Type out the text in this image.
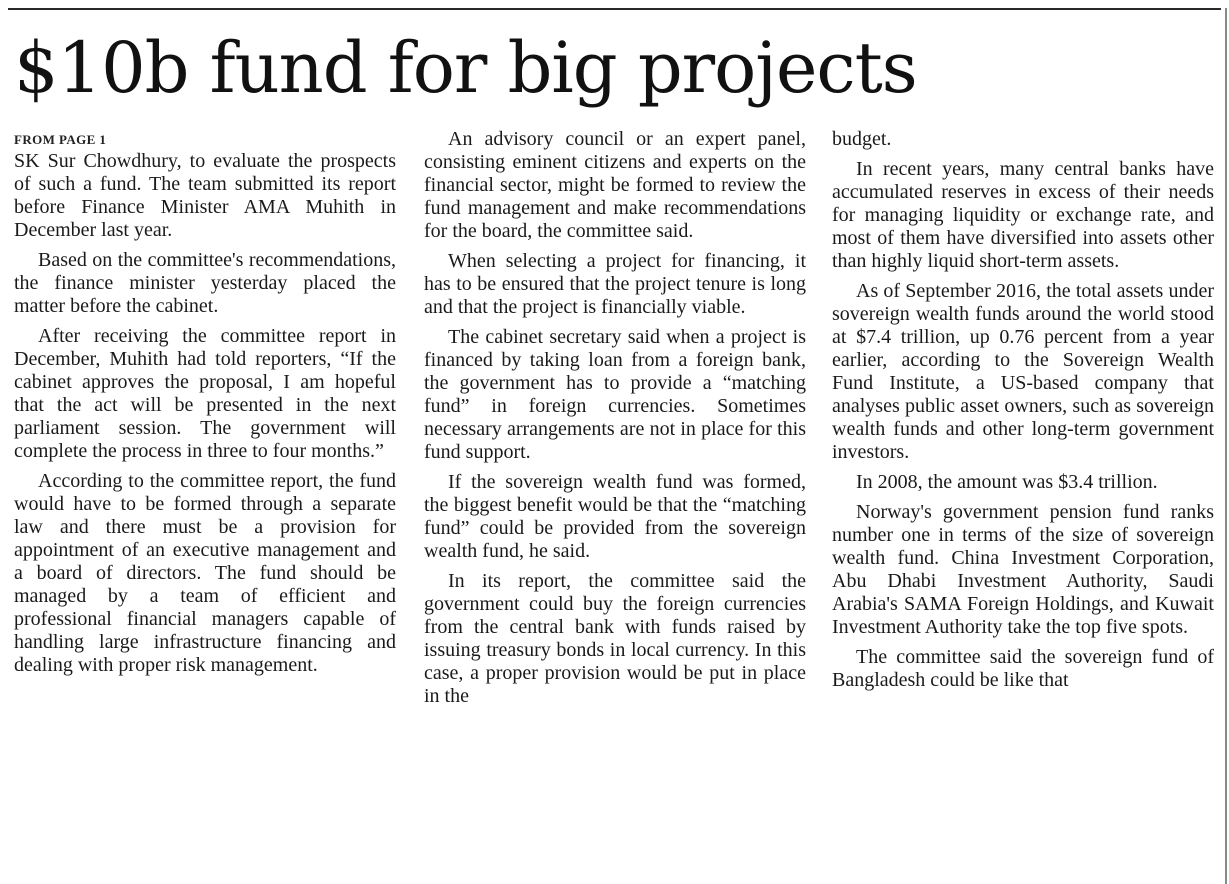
$10b fund for big projects
FROM PAGE 1

SK Sur Chowdhury, to evaluate the prospects of such a fund. The team submitted its report before Finance Minister AMA Muhith in December last year.

Based on the committee's recommendations, the finance minister yesterday placed the matter before the cabinet.

After receiving the committee report in December, Muhith had told reporters, “If the cabinet approves the proposal, I am hopeful that the act will be presented in the next parliament session. The government will complete the process in three to four months.”

According to the committee report, the fund would have to be formed through a separate law and there must be a provision for appointment of an executive management and a board of directors. The fund should be managed by a team of efficient and professional financial managers capable of handling large infrastructure financing and dealing with proper risk management.

An advisory council or an expert panel, consisting eminent citizens and experts on the financial sector, might be formed to review the fund management and make recommendations for the board, the committee said.

When selecting a project for financing, it has to be ensured that the project tenure is long and that the project is financially viable.

The cabinet secretary said when a project is financed by taking loan from a foreign bank, the government has to provide a “matching fund” in foreign currencies. Sometimes necessary arrangements are not in place for this fund support.

If the sovereign wealth fund was formed, the biggest benefit would be that the “matching fund” could be provided from the sovereign wealth fund, he said.

In its report, the committee said the government could buy the foreign currencies from the central bank with funds raised by issuing treasury bonds in local currency. In this case, a proper provision would be put in place in the

budget.

In recent years, many central banks have accumulated reserves in excess of their needs for managing liquidity or exchange rate, and most of them have diversified into assets other than highly liquid short-term assets.

As of September 2016, the total assets under sovereign wealth funds around the world stood at $7.4 trillion, up 0.76 percent from a year earlier, according to the Sovereign Wealth Fund Institute, a US-based company that analyses public asset owners, such as sovereign wealth funds and other long-term government investors.

In 2008, the amount was $3.4 trillion.

Norway's government pension fund ranks number one in terms of the size of sovereign wealth fund. China Investment Corporation, Abu Dhabi Investment Authority, Saudi Arabia's SAMA Foreign Holdings, and Kuwait Investment Authority take the top five spots.

The committee said the sovereign fund of Bangladesh could be like that
